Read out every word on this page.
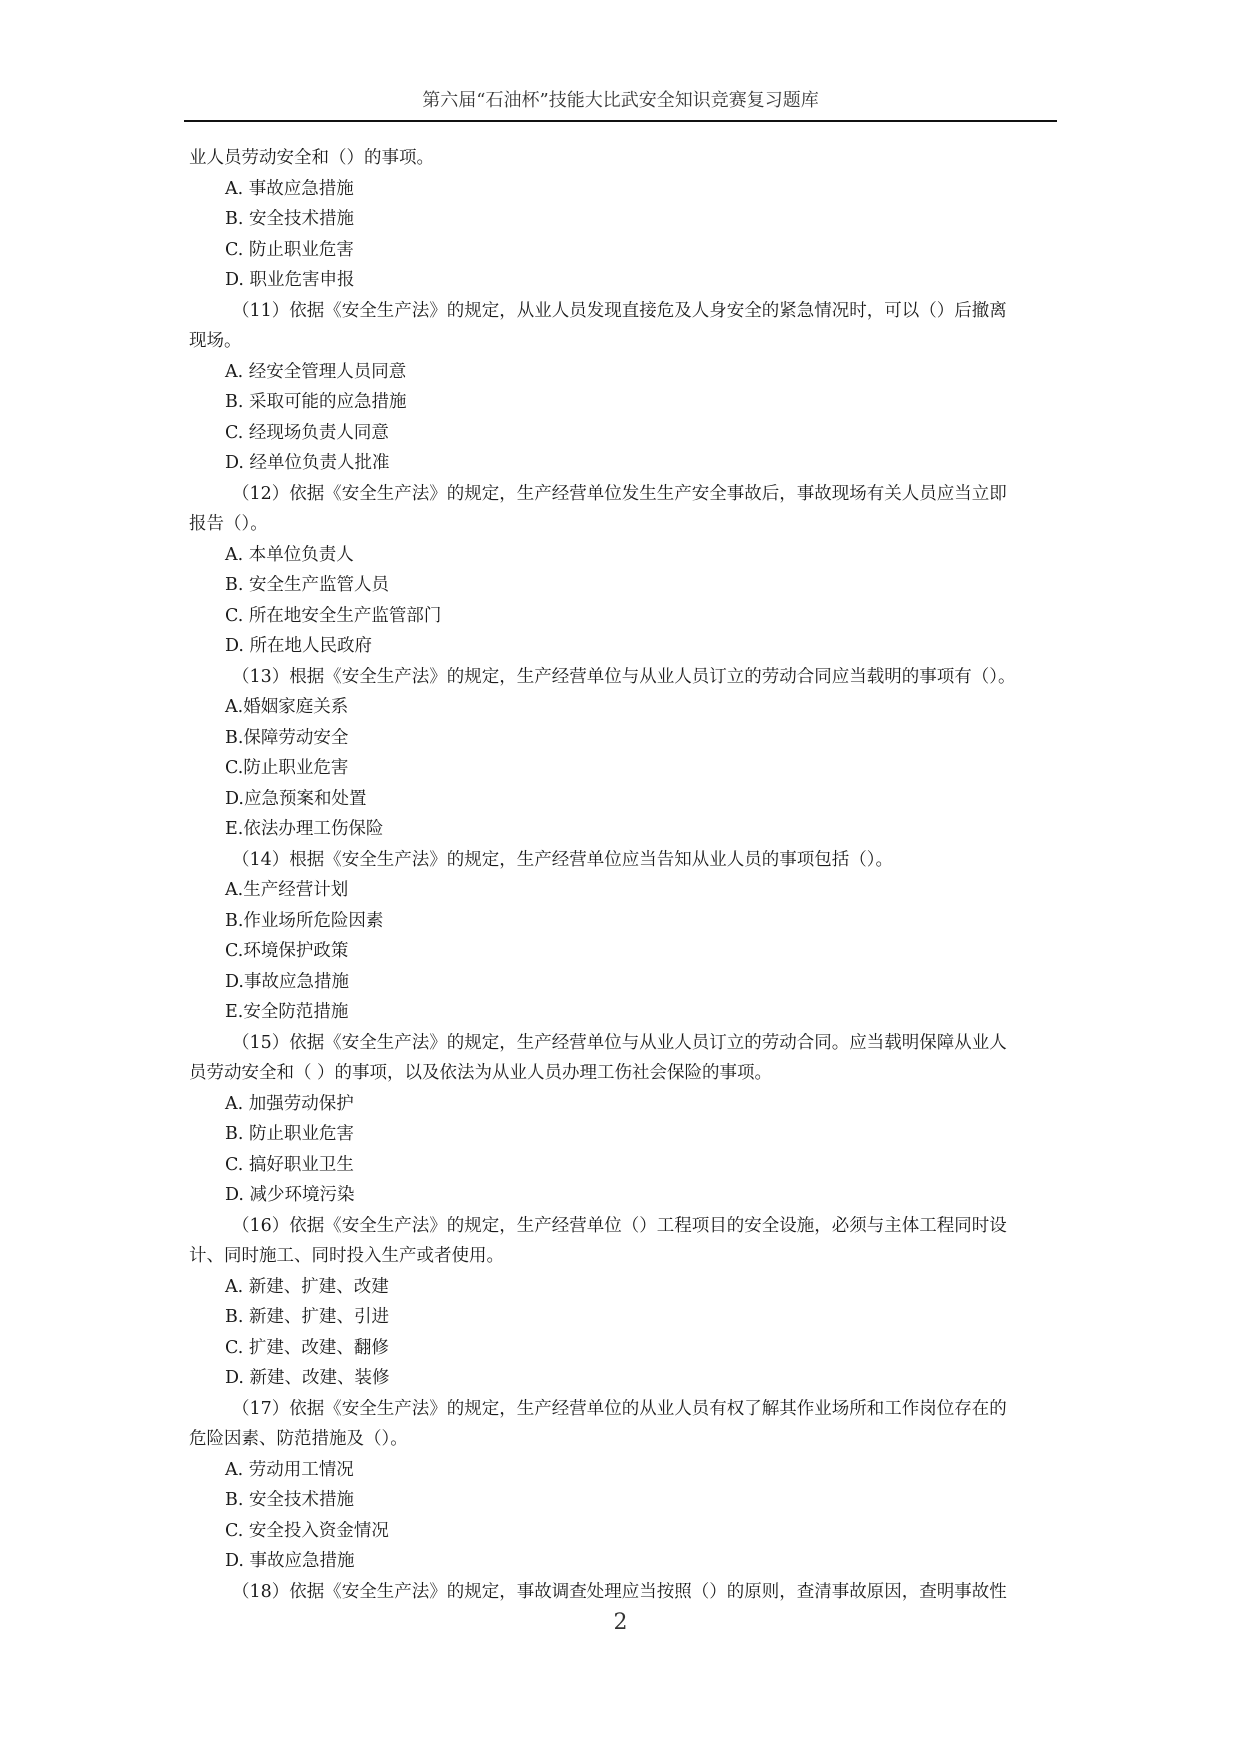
第六届“石油杯”技能大比武安全知识竞赛复习题库
业人员劳动安全和（）的事项。
A. 事故应急措施
B. 安全技术措施
C. 防止职业危害
D. 职业危害申报
（11）依据《安全生产法》的规定，从业人员发现直接危及人身安全的紧急情况时，可以（）后撤离
现场。
A. 经安全管理人员同意
B. 采取可能的应急措施
C. 经现场负责人同意
D. 经单位负责人批准
（12）依据《安全生产法》的规定，生产经营单位发生生产安全事故后，事故现场有关人员应当立即
报告（）。
A. 本单位负责人
B. 安全生产监管人员
C. 所在地安全生产监管部门
D. 所在地人民政府
（13）根据《安全生产法》的规定，生产经营单位与从业人员订立的劳动合同应当载明的事项有（）。
A.婚姻家庭关系
B.保障劳动安全
C.防止职业危害
D.应急预案和处置
E.依法办理工伤保险
（14）根据《安全生产法》的规定，生产经营单位应当告知从业人员的事项包括（）。
A.生产经营计划
B.作业场所危险因素
C.环境保护政策
D.事故应急措施
E.安全防范措施
（15）依据《安全生产法》的规定，生产经营单位与从业人员订立的劳动合同。应当载明保障从业人
员劳动安全和（ ）的事项，以及依法为从业人员办理工伤社会保险的事项。
A. 加强劳动保护
B. 防止职业危害
C. 搞好职业卫生
D. 减少环境污染
（16）依据《安全生产法》的规定，生产经营单位（）工程项目的安全设施，必须与主体工程同时设
计、同时施工、同时投入生产或者使用。
A. 新建、扩建、改建
B. 新建、扩建、引进
C. 扩建、改建、翻修
D. 新建、改建、装修
（17）依据《安全生产法》的规定，生产经营单位的从业人员有权了解其作业场所和工作岗位存在的
危险因素、防范措施及（）。
A. 劳动用工情况
B. 安全技术措施
C. 安全投入资金情况
D. 事故应急措施
（18）依据《安全生产法》的规定，事故调查处理应当按照（）的原则，查清事故原因，查明事故性
2
